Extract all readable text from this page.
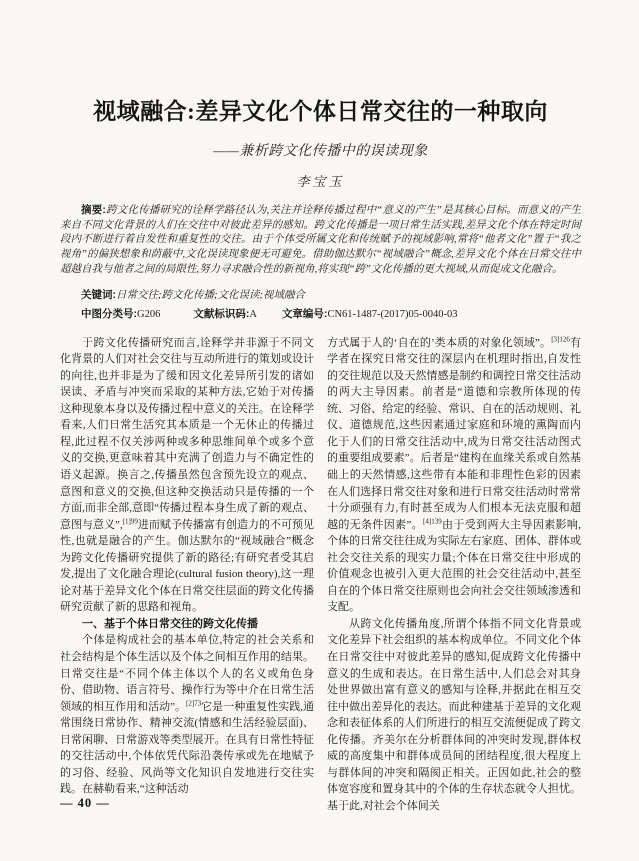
视域融合:差异文化个体日常交往的一种取向
——兼析跨文化传播中的误读现象
李宝玉

摘要:跨文化传播研究的诠释学路径认为,关注并诠释传播过程中“意义的产生”是其核心目标。而意义的产生来自不同文化背景的人们在交往中对彼此差异的感知。跨文化传播是一项日常生活实践,差异文化个体在特定时间段内不断进行着自发性和重复性的交往。由于个体受所属文化和传统赋予的视域影响,常将“他者文化”置于“我之视角”的偏狭想象和荫蔽中,文化误读现象便无可避免。借助伽达默尔“视域融合”概念,差异文化个体在日常交往中超越自我与他者之间的局限性,努力寻求融合性的新视角,将实现“跨”文化传播的更大视域,从而促成文化融合。

关键词:日常交往;跨文化传播;文化误读;视域融合
中图分类号:G206	文献标识码:A 文章编号:CN61-1487-(2017)05-0040-03

于跨文化传播研究而言,诠释学并非源于不同文化背景的人们对社会交往与互动所进行的策划或设计的向往,也并非是为了缓和因文化差异所引发的诸如误读、矛盾与冲突而采取的某种方法,它始于对传播这种现象本身以及传播过程中意义的关注。在诠释学看来,人们日常生活究其本质是一个无休止的传播过程,此过程不仅关涉两种或多种思维间单个或多个意义的交换,更意味着其中充满了创造力与不确定性的语义起源。换言之,传播虽然包含预先设立的观点、意图和意义的交换,但这种交换活动只是传播的一个方面,而非全部,意即“传播过程本身生成了新的观点、意图与意义”,$^{[1]99}$进而赋予传播富有创造力的不可预见性,也就是融合的产生。伽达默尔的“视域融合”概念为跨文化传播研究提供了新的路径;有研究者受其启发,提出了文化融合理论(cultural fusion theory),这一理论对基于差异文化个体在日常交往层面的跨文化传播研究贡献了新的思路和视角。

一、基于个体日常交往的跨文化传播

个体是构成社会的基本单位,特定的社会关系和社会结构是个体生活以及个体之间相互作用的结果。日常交往是“不同个体主体以个人的名义或角色身份、借助物、语言符号、操作行为等中介在日常生活领域的相互作用和活动”。$^{[2]73}$它是一种重复性实践,通常围绕日常协作、精神交流(情感和生活经验层面)、日常闲聊、日常游戏等类型展开。在具有日常性特征的交往活动中,个体依凭代际沿袭传承或先在地赋予的习俗、经验、风尚等文化知识自发地进行交往实践。在赫勒看来,“这种活动

方式属于人的‘自在的’类本质的对象化领域”。$^{[3]126}$有学者在探究日常交往的深层内在机理时指出,自发性的交往规范以及天然情感是制约和调控日常交往活动的两大主导因素。前者是“道德和宗教所体现的传统、习俗、给定的经验、常识、自在的活动规则、礼仪、道德规范,这些因素通过家庭和环境的熏陶而内化于人们的日常交往活动中,成为日常交往活动图式的重要组成要素”。后者是“建构在血缘关系或自然基础上的天然情感,这些带有本能和非理性色彩的因素在人们选择日常交往对象和进行日常交往活动时常常十分顽强有力,有时甚至成为人们根本无法克服和超越的无条件因素”。$^{[4]139}$由于受到两大主导因素影响,个体的日常交往往成为实际左右家庭、团体、群体或社会交往关系的现实力量;个体在日常交往中形成的价值观念也被引入更大范围的社会交往活动中,甚至自在的个体日常交往原则也会向社会交往领域渗透和支配。

从跨文化传播角度,所谓个体指不同文化背景或文化差异下社会组织的基本构成单位。不同文化个体在日常交往中对彼此差异的感知,促成跨文化传播中意义的生成和表达。在日常生活中,人们总会对其身处世界做出富有意义的感知与诠释,并据此在相互交往中做出差异化的表达。而此种建基于差异的文化观念和表征体系的人们所进行的相互交流便促成了跨文化传播。齐美尔在分析群体间的冲突时发现,群体权威的高度集中和群体成员间的团结程度,很大程度上与群体间的冲突和隔阂正相关。正因如此,社会的整体宽容度和置身其中的个体的生存状态就令人担忧。基于此,对社会个体间关

— 40 —
